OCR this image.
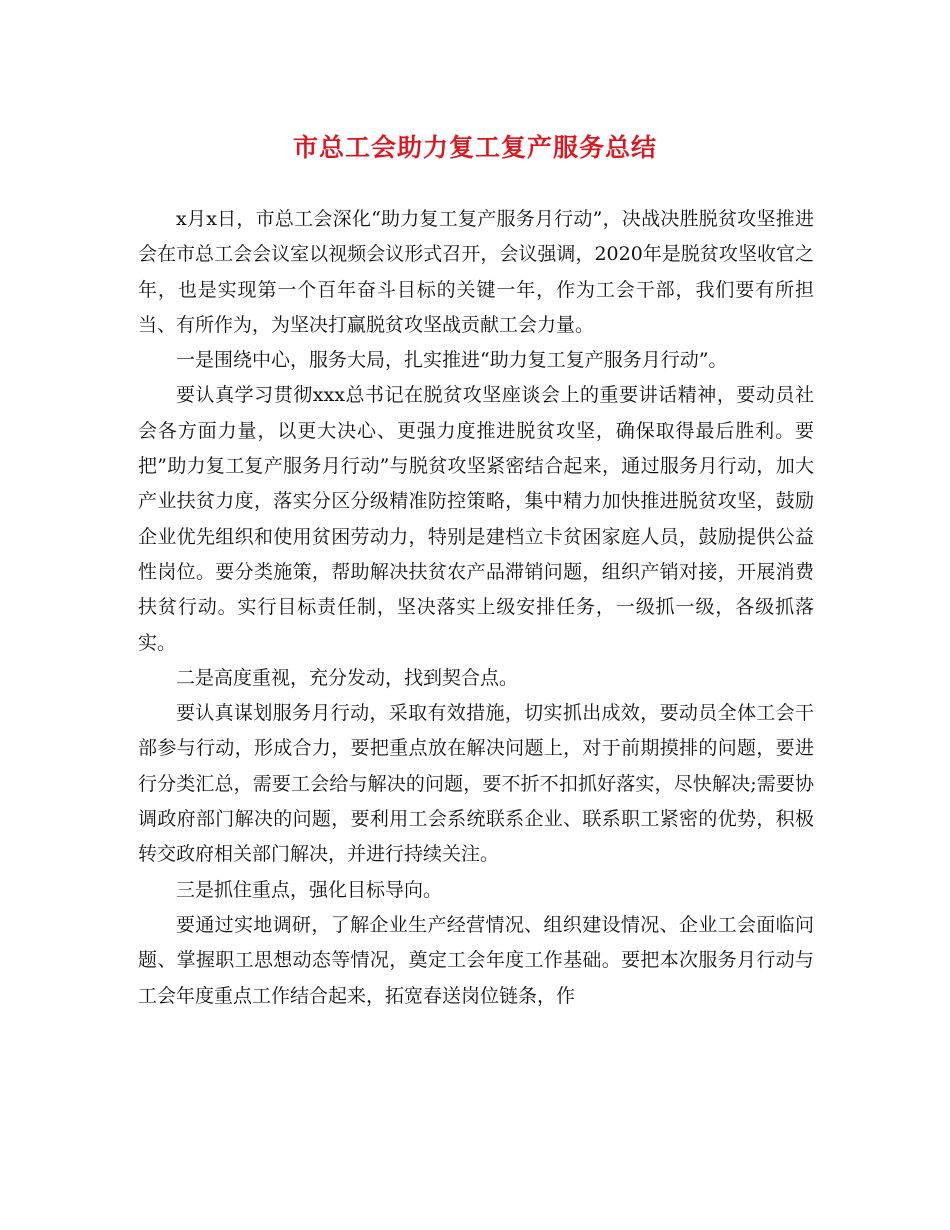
市总工会助力复工复产服务总结

x月x日，市总工会深化“助力复工复产服务月行动”，决战决胜脱贫攻坚推进会在市总工会会议室以视频会议形式召开，会议强调，2020年是脱贫攻坚收官之年，也是实现第一个百年奋斗目标的关键一年，作为工会干部，我们要有所担当、有所作为，为坚决打赢脱贫攻坚战贡献工会力量。

一是围绕中心，服务大局，扎实推进“助力复工复产服务月行动”。

要认真学习贯彻xxx总书记在脱贫攻坚座谈会上的重要讲话精神，要动员社会各方面力量，以更大决心、更强力度推进脱贫攻坚，确保取得最后胜利。要把”助力复工复产服务月行动”与脱贫攻坚紧密结合起来，通过服务月行动，加大产业扶贫力度，落实分区分级精准防控策略，集中精力加快推进脱贫攻坚，鼓励企业优先组织和使用贫困劳动力，特别是建档立卡贫困家庭人员，鼓励提供公益性岗位。要分类施策，帮助解决扶贫农产品滞销问题，组织产销对接，开展消费扶贫行动。实行目标责任制，坚决落实上级安排任务，一级抓一级，各级抓落实。

二是高度重视，充分发动，找到契合点。

要认真谋划服务月行动，采取有效措施，切实抓出成效，要动员全体工会干部参与行动，形成合力，要把重点放在解决问题上，对于前期摸排的问题，要进行分类汇总，需要工会给与解决的问题，要不折不扣抓好落实，尽快解决;需要协调政府部门解决的问题，要利用工会系统联系企业、联系职工紧密的优势，积极转交政府相关部门解决，并进行持续关注。

三是抓住重点，强化目标导向。

要通过实地调研，了解企业生产经营情况、组织建设情况、企业工会面临问题、掌握职工思想动态等情况，奠定工会年度工作基础。要把本次服务月行动与工会年度重点工作结合起来，拓宽春送岗位链条，作
